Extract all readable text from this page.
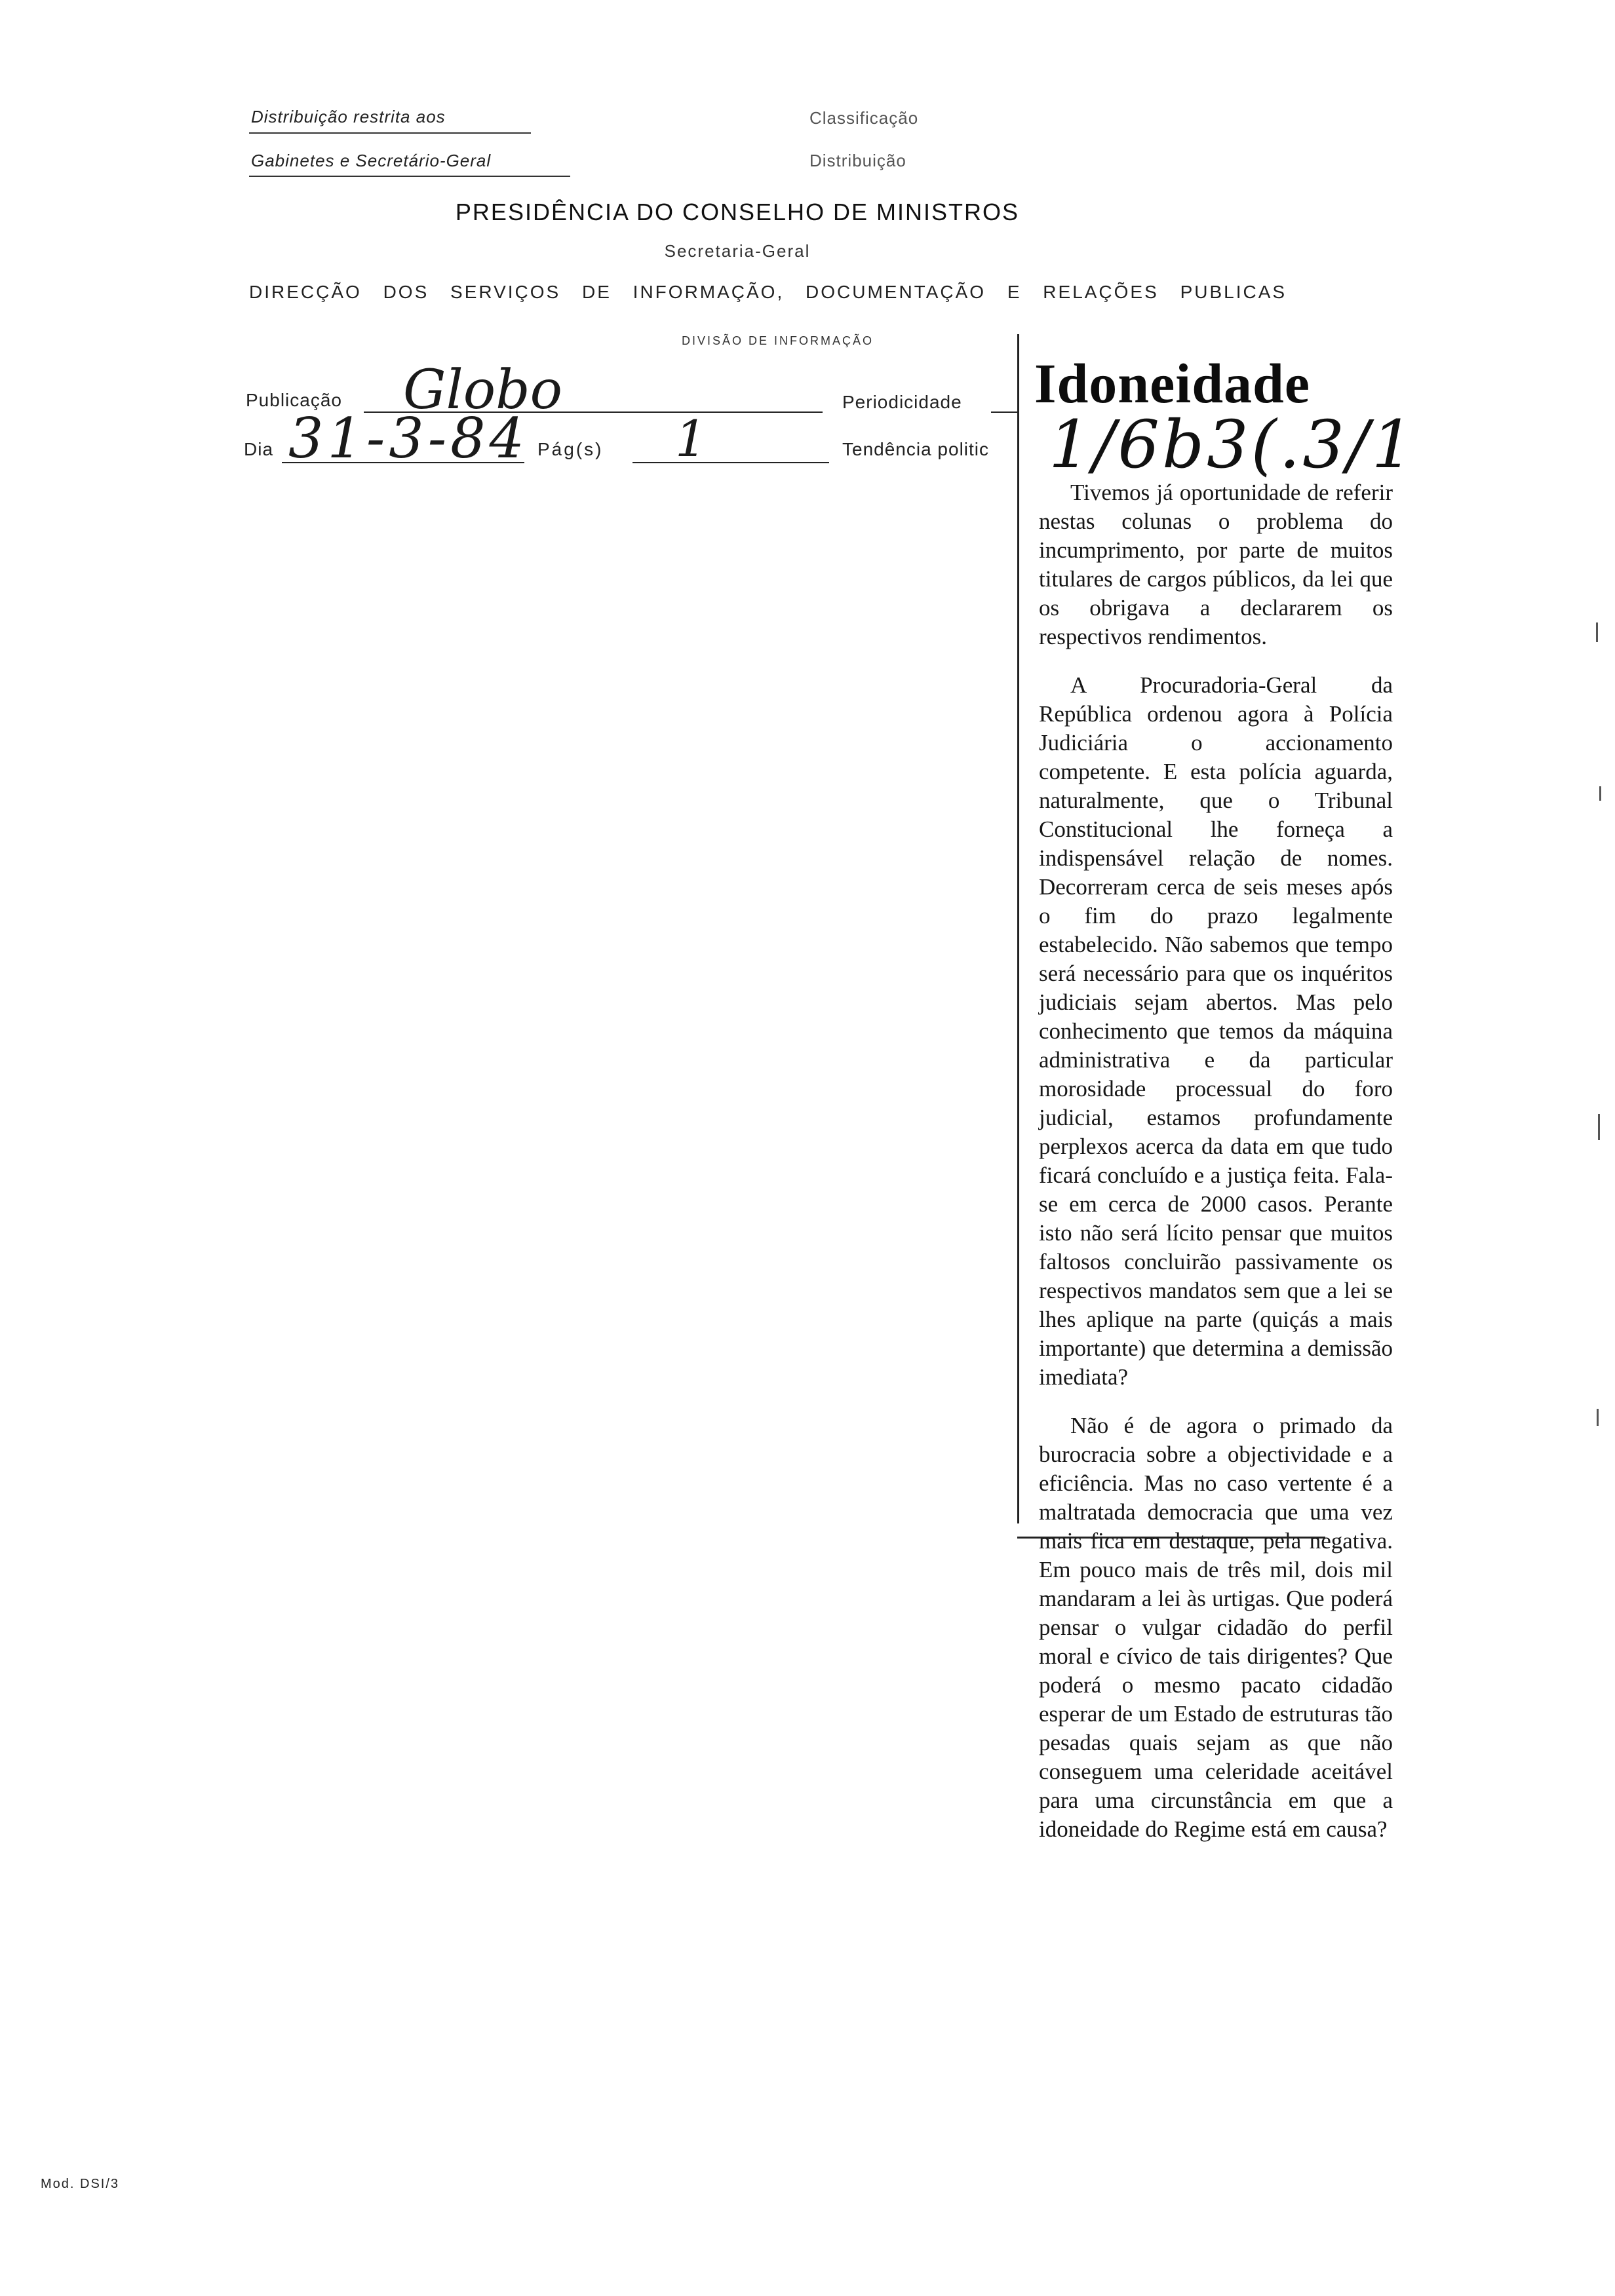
Distribuição restrita aos
Gabinetes e Secretário-Geral
Classificação
Distribuição
PRESIDÊNCIA DO CONSELHO DE MINISTROS
Secretaria-Geral
DIRECÇÃO DOS SERVIÇOS DE INFORMAÇÃO, DOCUMENTAÇÃO E RELAÇÕES PUBLICAS
DIVISÃO DE INFORMAÇÃO
Publicação Globo	Periodicidade
Dia 31-3-84 Pág(s) 1	Tendência politic
Idoneidade
1/6b3(.3/1

Tivemos já oportunidade de referir nestas colunas o problema do incumprimento, por parte de muitos titulares de cargos públicos, da lei que os obrigava a declararem os respectivos rendimentos.

A Procuradoria-Geral da República ordenou agora à Polícia Judiciária o accionamento competente. E esta polícia aguarda, naturalmente, que o Tribunal Constitucional lhe forneça a indispensável relação de nomes. Decorreram cerca de seis meses após o fim do prazo legalmente estabelecido. Não sabemos que tempo será necessário para que os inquéritos judiciais sejam abertos. Mas pelo conhecimento que temos da máquina administrativa e da particular morosidade processual do foro judicial, estamos profundamente perplexos acerca da data em que tudo ficará concluído e a justiça feita. Fala-se em cerca de 2000 casos. Perante isto não será lícito pensar que muitos faltosos concluirão passivamente os respectivos mandatos sem que a lei se lhes aplique na parte (quiçás a mais importante) que determina a demissão imediata?

Não é de agora o primado da burocracia sobre a objectividade e a eficiência. Mas no caso vertente é a maltratada democracia que uma vez mais fica em destaque, pela negativa. Em pouco mais de três mil, dois mil mandaram a lei às urtigas. Que poderá pensar o vulgar cidadão do perfil moral e cívico de tais dirigentes? Que poderá o mesmo pacato cidadão esperar de um Estado de estruturas tão pesadas quais sejam as que não conseguem uma celeridade aceitável para uma circunstância em que a idoneidade do Regime está em causa?

Mod. DSI/3
